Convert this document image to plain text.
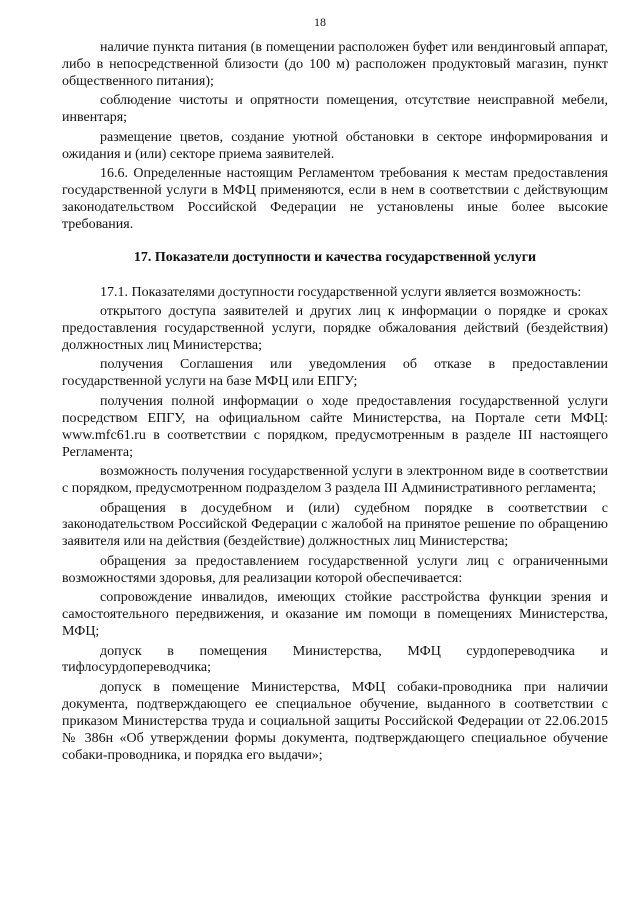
18

наличие пункта питания (в помещении расположен буфет или вендинговый аппарат, либо в непосредственной близости (до 100 м) расположен продуктовый магазин, пункт общественного питания);

соблюдение чистоты и опрятности помещения, отсутствие неисправной мебели, инвентаря;

размещение цветов, создание уютной обстановки в секторе информирования и ожидания и (или) секторе приема заявителей.

16.6. Определенные настоящим Регламентом требования к местам предоставления государственной услуги в МФЦ применяются, если в нем в соответствии с действующим законодательством Российской Федерации не установлены иные более высокие требования.

17. Показатели доступности и качества государственной услуги

17.1. Показателями доступности государственной услуги является возможность:

открытого доступа заявителей и других лиц к информации о порядке и сроках предоставления государственной услуги, порядке обжалования действий (бездействия) должностных лиц Министерства;

получения Соглашения или уведомления об отказе в предоставлении государственной услуги на базе МФЦ или ЕПГУ;

получения полной информации о ходе предоставления государственной услуги посредством ЕПГУ, на официальном сайте Министерства, на Портале сети МФЦ: www.mfc61.ru в соответствии с порядком, предусмотренным в разделе III настоящего Регламента;

возможность получения государственной услуги в электронном виде в соответствии с порядком, предусмотренном подразделом 3 раздела III Административного регламента;

обращения в досудебном и (или) судебном порядке в соответствии с законодательством Российской Федерации с жалобой на принятое решение по обращению заявителя или на действия (бездействие) должностных лиц Министерства;

обращения за предоставлением государственной услуги лиц с ограниченными возможностями здоровья, для реализации которой обеспечивается:

сопровождение инвалидов, имеющих стойкие расстройства функции зрения и самостоятельного передвижения, и оказание им помощи в помещениях Министерства, МФЦ;

допуск в помещения Министерства, МФЦ сурдопереводчика и тифлосурдопереводчика;

допуск в помещение Министерства, МФЦ собаки-проводника при наличии документа, подтверждающего ее специальное обучение, выданного в соответствии с приказом Министерства труда и социальной защиты Российской Федерации от 22.06.2015 № 386н «Об утверждении формы документа, подтверждающего специальное обучение собаки-проводника, и порядка его выдачи»;
